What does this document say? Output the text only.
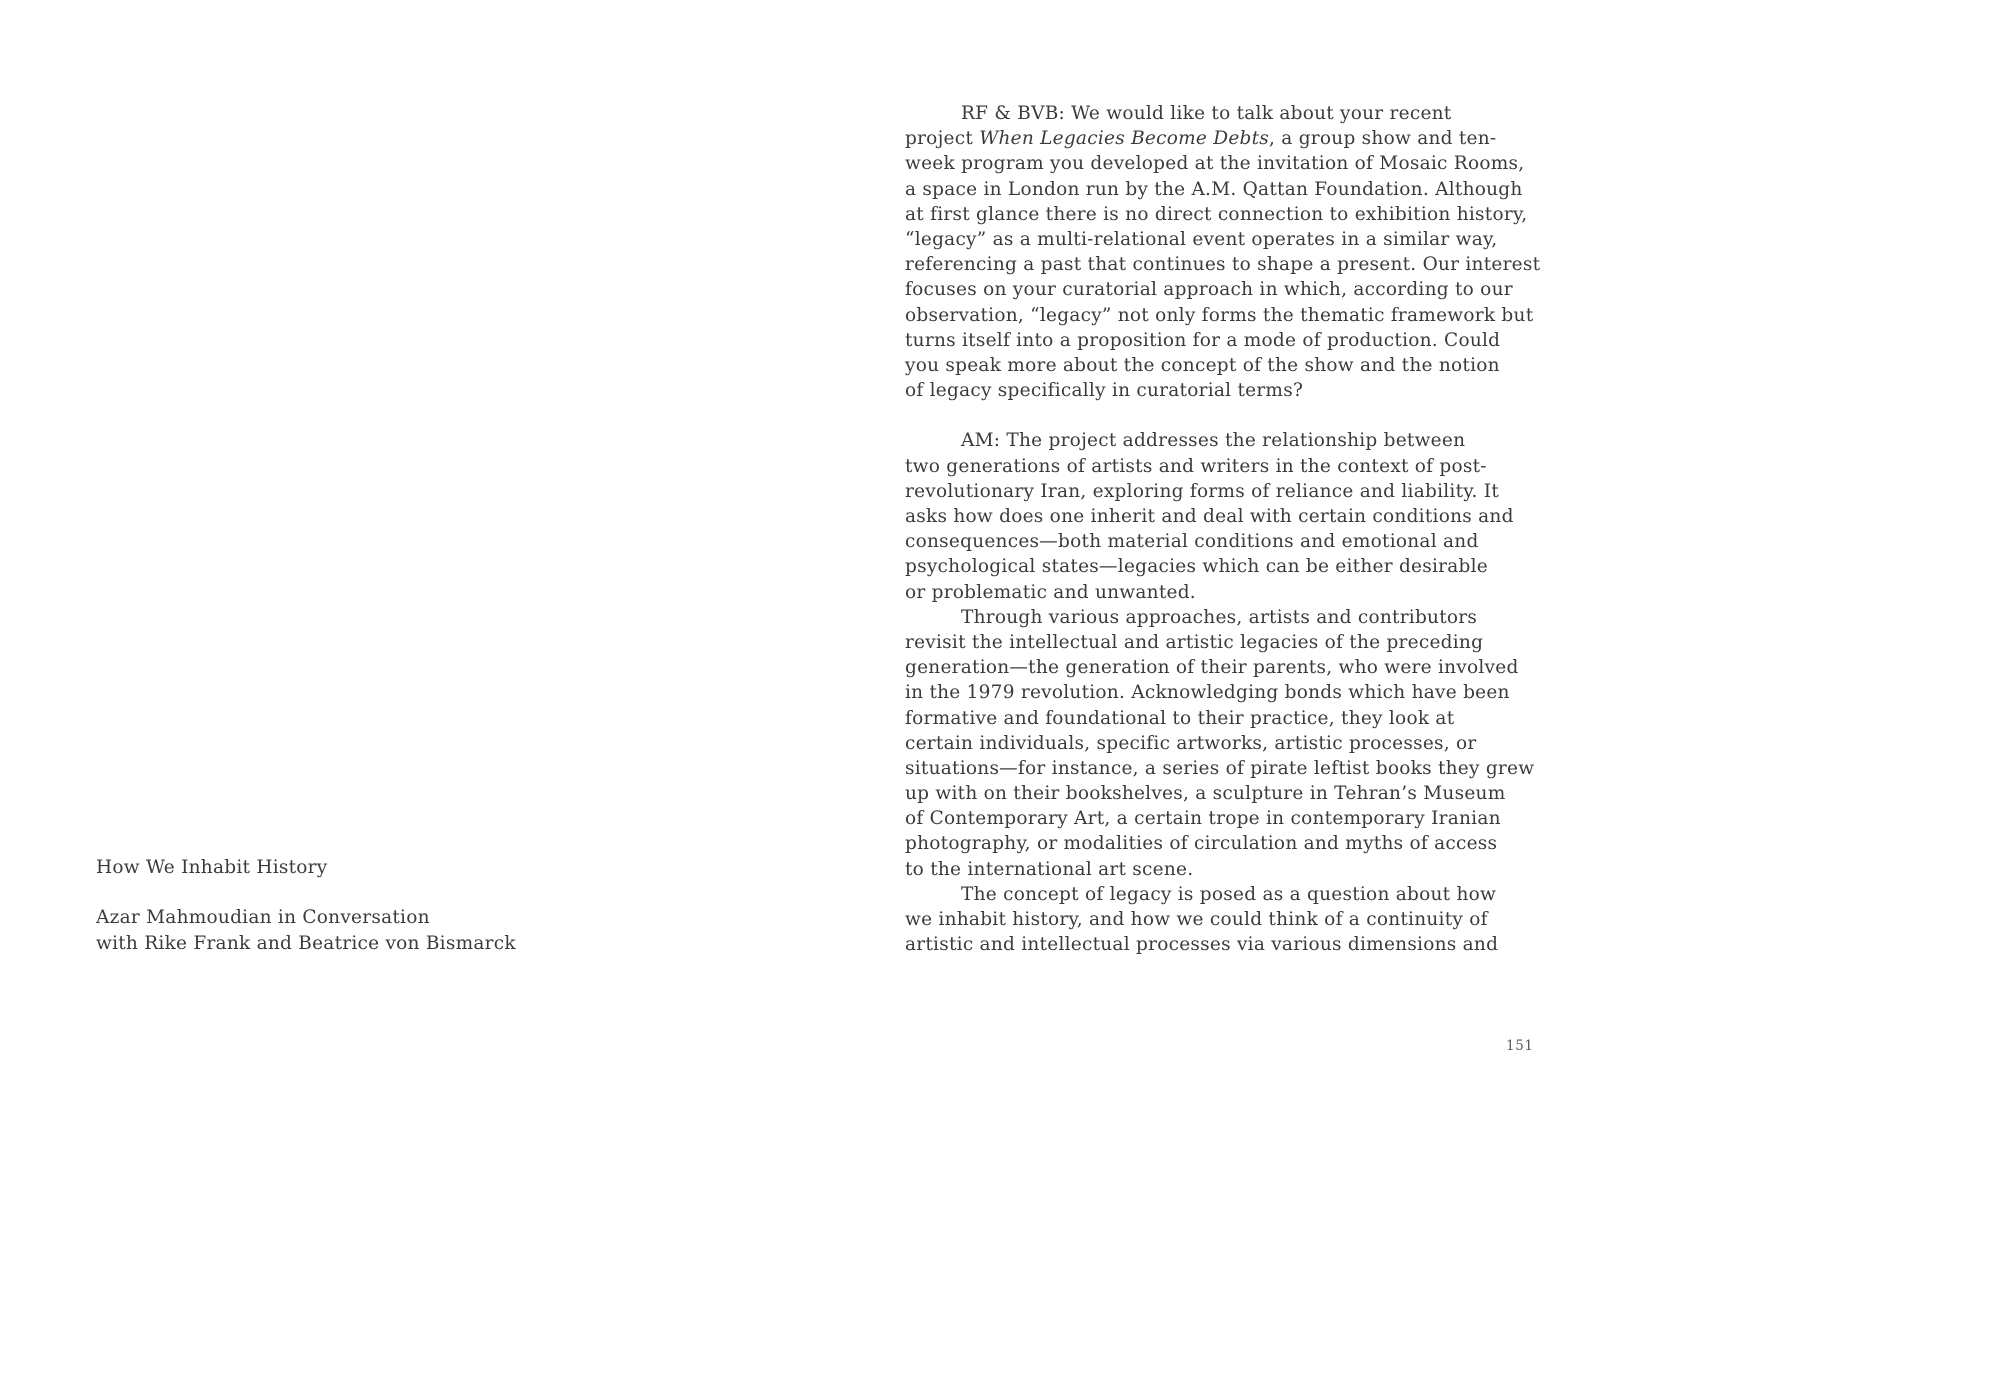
How We Inhabit History
Azar Mahmoudian in Conversation
with Rike Frank and Beatrice von Bismarck
RF & BVB: We would like to talk about your recent
project When Legacies Become Debts, a group show and ten-
week program you developed at the invitation of Mosaic Rooms,
a space in London run by the A.M. Qattan Foundation. Although
at first glance there is no direct connection to exhibition history,
“legacy” as a multi-relational event operates in a similar way,
referencing a past that continues to shape a present. Our interest
focuses on your curatorial approach in which, according to our
observation, “legacy” not only forms the thematic framework but
turns itself into a proposition for a mode of production. Could
you speak more about the concept of the show and the notion
of legacy specifically in curatorial terms?
AM: The project addresses the relationship between
two generations of artists and writers in the context of post-
revolutionary Iran, exploring forms of reliance and liability. It
asks how does one inherit and deal with certain conditions and
consequences—both material conditions and emotional and
psychological states—legacies which can be either desirable
or problematic and unwanted.
Through various approaches, artists and contributors
revisit the intellectual and artistic legacies of the preceding
generation—the generation of their parents, who were involved
in the 1979 revolution. Acknowledging bonds which have been
formative and foundational to their practice, they look at
certain individuals, specific artworks, artistic processes, or
situations—for instance, a series of pirate leftist books they grew
up with on their bookshelves, a sculpture in Tehran’s Museum
of Contemporary Art, a certain trope in contemporary Iranian
photography, or modalities of circulation and myths of access
to the international art scene.
The concept of legacy is posed as a question about how
we inhabit history, and how we could think of a continuity of
artistic and intellectual processes via various dimensions and
151
